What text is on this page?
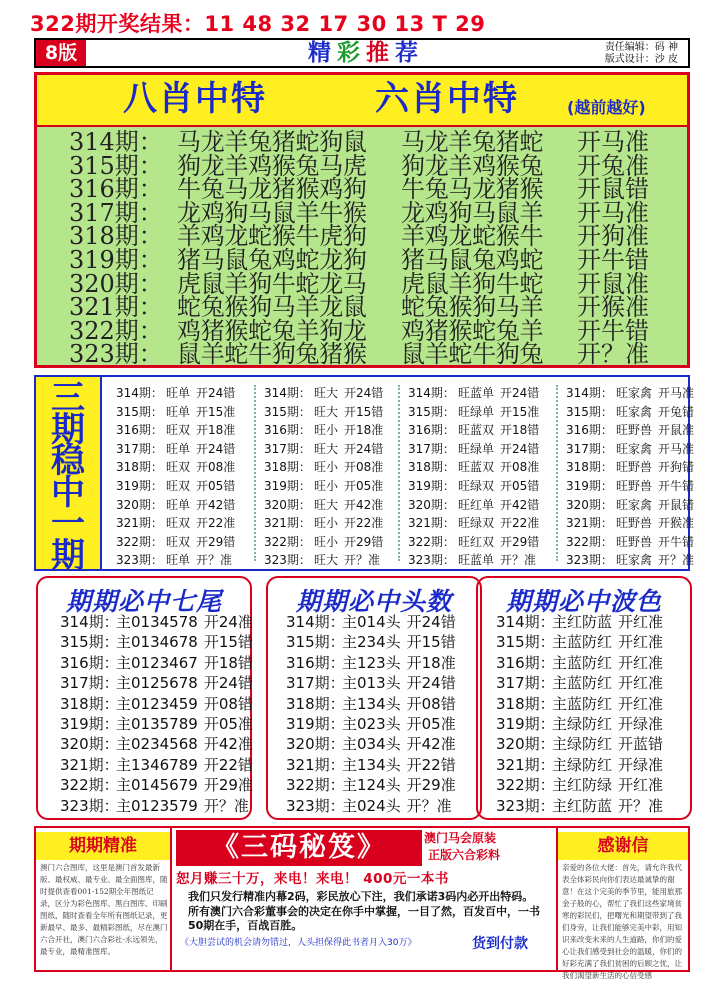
322期开奖结果：11 48 32 17 30 13 T 29
8版	精彩推荐	责任编辑：码 神
版式设计：沙 皮
八肖中特	六肖中特	(越前越好)
314期： 马龙羊兔猪蛇狗鼠 马龙羊兔猪蛇 开马准
315期： 狗龙羊鸡猴兔马虎 狗龙羊鸡猴兔 开兔准
316期： 牛兔马龙猪猴鸡狗 牛兔马龙猪猴 开鼠错
317期： 龙鸡狗马鼠羊牛猴 龙鸡狗马鼠羊 开马准
318期： 羊鸡龙蛇猴牛虎狗 羊鸡龙蛇猴牛 开狗准
319期： 猪马鼠兔鸡蛇龙狗 猪马鼠兔鸡蛇 开牛错
320期： 虎鼠羊狗牛蛇龙马 虎鼠羊狗牛蛇 开鼠准
321期： 蛇兔猴狗马羊龙鼠 蛇兔猴狗马羊 开猴准
322期： 鸡猪猴蛇兔羊狗龙 鸡猪猴蛇兔羊 开牛错
323期： 鼠羊蛇牛狗兔猪猴 鼠羊蛇牛狗兔 开？准
三
期
稳
中
一
期
314期： 旺单 开24错
315期： 旺单 开15准
316期： 旺双 开18准
317期： 旺单 开24错
318期： 旺双 开08准
319期： 旺双 开05错
320期： 旺单 开42错
321期： 旺双 开22准
322期： 旺双 开29错
323期： 旺单 开？准
314期： 旺大 开24错
315期： 旺大 开15错
316期： 旺小 开18准
317期： 旺大 开24错
318期： 旺小 开08准
319期： 旺小 开05准
320期： 旺大 开42准
321期： 旺小 开22准
322期： 旺小 开29错
323期： 旺大 开？准
314期： 旺蓝单 开24错
315期： 旺绿单 开15准
316期： 旺蓝双 开18错
317期： 旺绿单 开24错
318期： 旺蓝双 开08准
319期： 旺绿双 开05错
320期： 旺红单 开42错
321期： 旺绿双 开22准
322期： 旺红双 开29错
323期： 旺蓝单 开？准
314期： 旺家禽 开马准
315期： 旺家禽 开兔错
316期： 旺野兽 开鼠准
317期： 旺家禽 开马准
318期： 旺野兽 开狗错
319期： 旺野兽 开牛错
320期： 旺家禽 开鼠错
321期： 旺野兽 开猴准
322期： 旺野兽 开牛错
323期： 旺家禽 开？准
期期必中七尾
314期：主0134578 开24准
315期：主0134678 开15错
316期：主0123467 开18错
317期：主0125678 开24错
318期：主0123459 开08错
319期：主0135789 开05准
320期：主0234568 开42准
321期：主1346789 开22错
322期：主0145679 开29准
323期：主0123579 开？准
期期必中头数
314期：主014头 开24错
315期：主234头 开15错
316期：主123头 开18准
317期：主013头 开24错
318期：主134头 开08错
319期：主023头 开05准
320期：主034头 开42准
321期：主134头 开22错
322期：主124头 开29准
323期：主024头 开？准
期期必中波色
314期：主红防蓝 开红准
315期：主蓝防红 开红准
316期：主蓝防红 开红准
317期：主蓝防红 开红准
318期：主蓝防红 开红准
319期：主绿防红 开绿准
320期：主绿防红 开蓝错
321期：主绿防红 开绿准
322期：主红防绿 开红准
323期：主红防蓝 开？准
期期精准
澳门六合图库，这里是澳门首发最新版、最权威、最专业、最全面图库，随时提供查看001-152期全年图纸记录，区分为彩色图库、黑白图库、印刷图纸，随时查看全年所有图纸记录，更新最早、最多、最精彩图纸，尽在澳门六合开社，澳门六合彩社-永远领先，最专业，最精准图库。
《三码秘笈》	澳门马会原装
正版六合彩料
恕月赚三十万，来电！来电！ 400元一本书
我们只发行精准内幕2码，彩民放心下注，我们承诺3码内必开出特码。所有澳门六合彩董事会的决定在你手中掌握，一目了然，百发百中，一书50期在手，百战百胜。
《大胆尝试的机会请勿错过，人头担保得此书者月入30万》	货到付款
感谢信
亲爱的各位大佬：首先，请允许我代表全体彩民向你们表达最诚挚的谢意！在这个完美的季节里，能用旅那金子般的心，帮忙了我们这些家境贫寒的彩民们，把曙光和期望带到了我们身旁，让我们能够完美中彩，用知识来改变未来的人生道路，你们的爱心让我们感受到社会的温暖，你们的好彩充满了我们贫困的后顾之忧，让我们渴望新生活的心信受感
